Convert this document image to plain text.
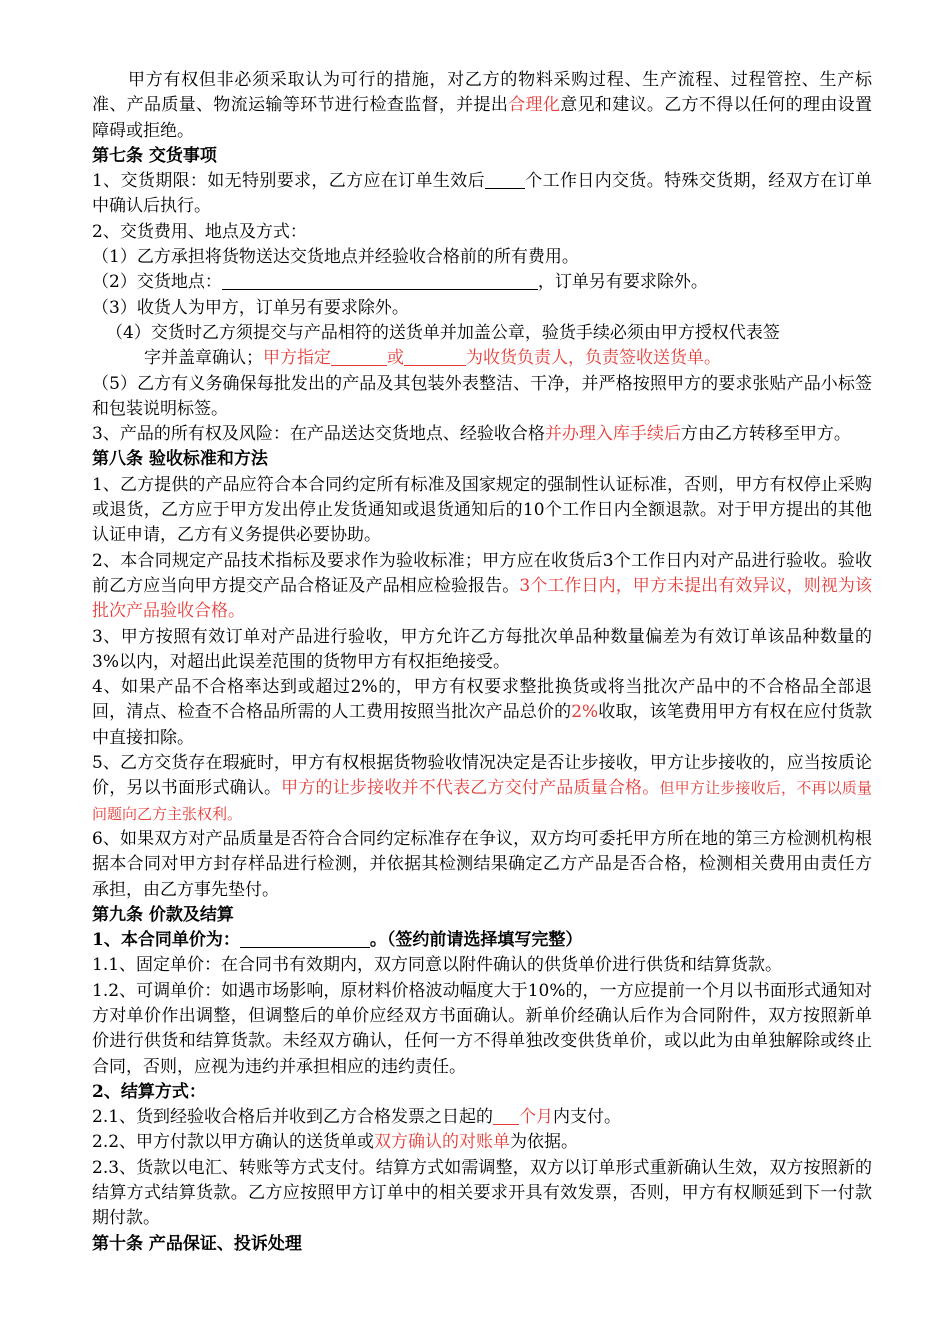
甲方有权但非必须采取认为可行的措施，对乙方的物料采购过程、生产流程、过程管控、生产标准、产品质量、物流运输等环节进行检查监督，并提出合理化意见和建议。乙方不得以任何的理由设置障碍或拒绝。

第七条 交货事项

1、交货期限：如无特别要求，乙方应在订单生效后 个工作日内交货。特殊交货期，经双方在订单中确认后执行。

2、交货费用、地点及方式：

（1）乙方承担将货物送达交货地点并经验收合格前的所有费用。

（2）交货地点：	，订单另有要求除外。

（3）收货人为甲方，订单另有要求除外。

（4）交货时乙方须提交与产品相符的送货单并加盖公章，验货手续必须由甲方授权代表签

字并盖章确认；甲方指定	或	为收货负责人，负责签收送货单。

（5）乙方有义务确保每批发出的产品及其包装外表整洁、干净，并严格按照甲方的要求张贴产品小标签和包装说明标签。

3、产品的所有权及风险：在产品送达交货地点、经验收合格并办理入库手续后方由乙方转移至甲方。

第八条 验收标准和方法

1、乙方提供的产品应符合本合同约定所有标准及国家规定的强制性认证标准，否则，甲方有权停止采购或退货，乙方应于甲方发出停止发货通知或退货通知后的10个工作日内全额退款。对于甲方提出的其他认证申请，乙方有义务提供必要协助。

2、本合同规定产品技术指标及要求作为验收标准；甲方应在收货后3个工作日内对产品进行验收。验收前乙方应当向甲方提交产品合格证及产品相应检验报告。3个工作日内，甲方未提出有效异议，则视为该批次产品验收合格。

3、甲方按照有效订单对产品进行验收，甲方允许乙方每批次单品种数量偏差为有效订单该品种数量的3%以内，对超出此误差范围的货物甲方有权拒绝接受。

4、如果产品不合格率达到或超过2%的，甲方有权要求整批换货或将当批次产品中的不合格品全部退回，清点、检查不合格品所需的人工费用按照当批次产品总价的2%收取，该笔费用甲方有权在应付货款中直接扣除。

5、乙方交货存在瑕疵时，甲方有权根据货物验收情况决定是否让步接收，甲方让步接收的，应当按质论价，另以书面形式确认。甲方的让步接收并不代表乙方交付产品质量合格。但甲方让步接收后，不再以质量问题向乙方主张权利。

6、如果双方对产品质量是否符合合同约定标准存在争议，双方均可委托甲方所在地的第三方检测机构根据本合同对甲方封存样品进行检测，并依据其检测结果确定乙方产品是否合格，检测相关费用由责任方承担，由乙方事先垫付。

第九条 价款及结算

1、本合同单价为：	。（签约前请选择填写完整）

1.1、固定单价：在合同书有效期内，双方同意以附件确认的供货单价进行供货和结算货款。

1.2、可调单价：如遇市场影响，原材料价格波动幅度大于10%的，一方应提前一个月以书面形式通知对方对单价作出调整，但调整后的单价应经双方书面确认。新单价经确认后作为合同附件，双方按照新单价进行供货和结算货款。未经双方确认，任何一方不得单独改变供货单价，或以此为由单独解除或终止合同，否则，应视为违约并承担相应的违约责任。

2、结算方式：

2.1、货到经验收合格后并收到乙方合格发票之日起的 个月内支付。

2.2、甲方付款以甲方确认的送货单或双方确认的对账单为依据。

2.3、货款以电汇、转账等方式支付。结算方式如需调整，双方以订单形式重新确认生效，双方按照新的结算方式结算货款。乙方应按照甲方订单中的相关要求开具有效发票，否则，甲方有权顺延到下一付款期付款。

第十条 产品保证、投诉处理
